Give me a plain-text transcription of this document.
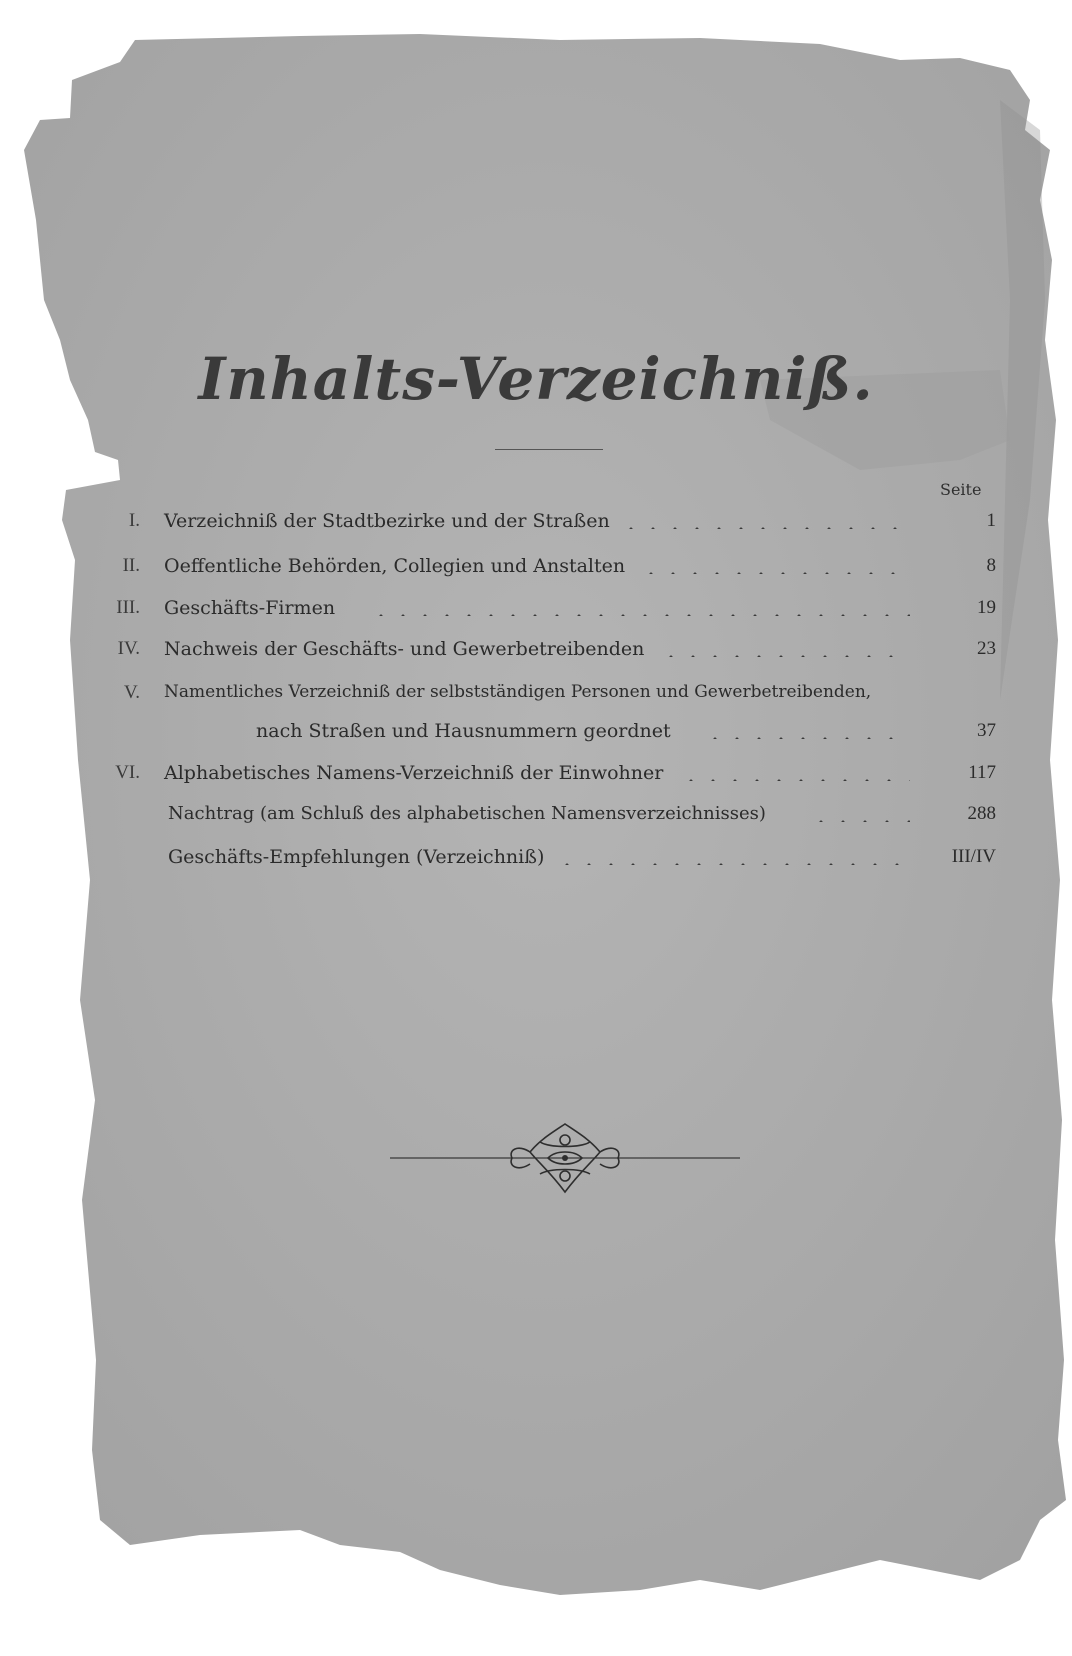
Inhalts-Verzeichniß.
Seite
I. Verzeichniß der Stadtbezirke und der Straßen	1
II. Oeffentliche Behörden, Collegien und Anstalten	8
III. Geschäfts-Firmen	19
IV. Nachweis der Geschäfts- und Gewerbetreibenden	23
V. Namentliches Verzeichniß der selbstständigen Personen und Gewerbetreibenden,
nach Straßen und Hausnummern geordnet	37
VI. Alphabetisches Namens-Verzeichniß der Einwohner	117
Nachtrag (am Schluß des alphabetischen Namensverzeichnisses)	288
Geschäfts-Empfehlungen (Verzeichniß)	III/IV
